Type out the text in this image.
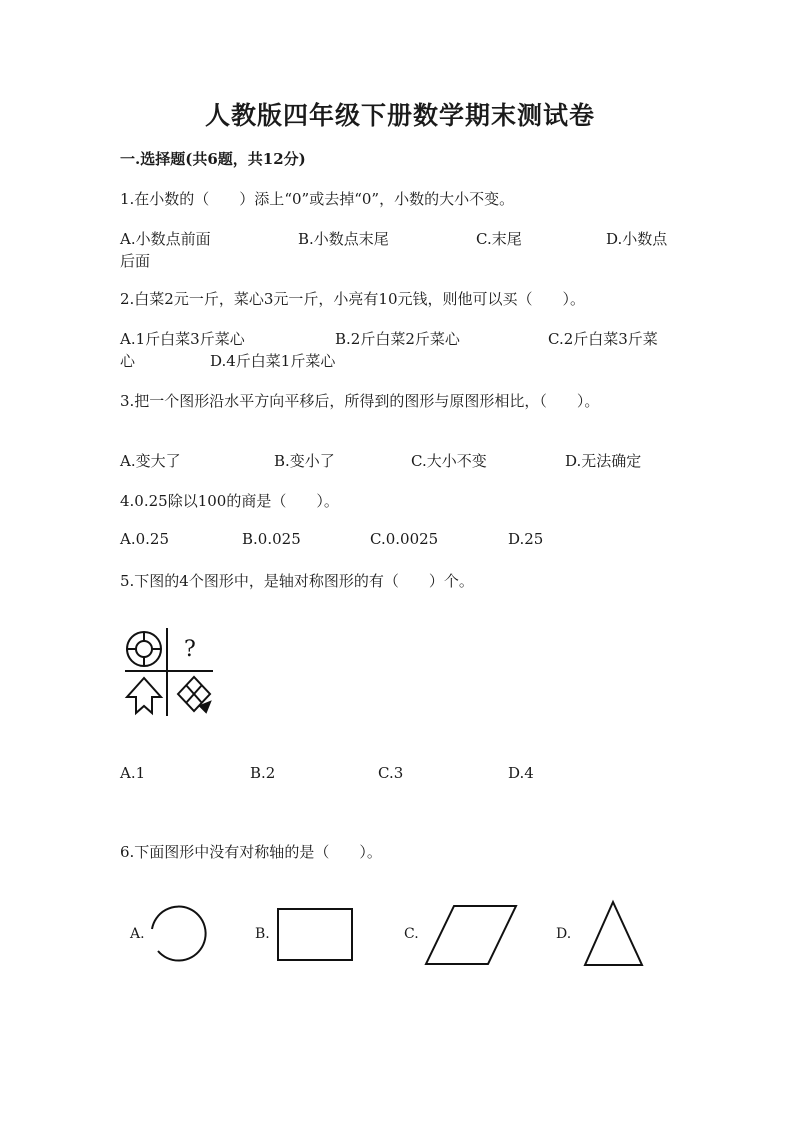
人教版四年级下册数学期末测试卷
一.选择题(共6题，共12分)
1.在小数的（　　）添上“0”或去掉“0”，小数的大小不变。
A.小数点前面	B.小数点末尾	C.末尾	D.小数点
后面
2.白菜2元一斤，菜心3元一斤，小亮有10元钱，则他可以买（　　）。
A.1斤白菜3斤菜心	B.2斤白菜2斤菜心	C.2斤白菜3斤菜
心	D.4斤白菜1斤菜心
3.把一个图形沿水平方向平移后，所得到的图形与原图形相比，（　　）。
A.变大了	B.变小了	C.大小不变	D.无法确定
4.0.25除以100的商是（　　）。
A.0.25	B.0.025	C.0.0025	D.25
5.下图的4个图形中，是轴对称图形的有（　　）个。
?
A.1	B.2	C.3	D.4
6.下面图形中没有对称轴的是（　　）。
A.	B.	C.	D.
